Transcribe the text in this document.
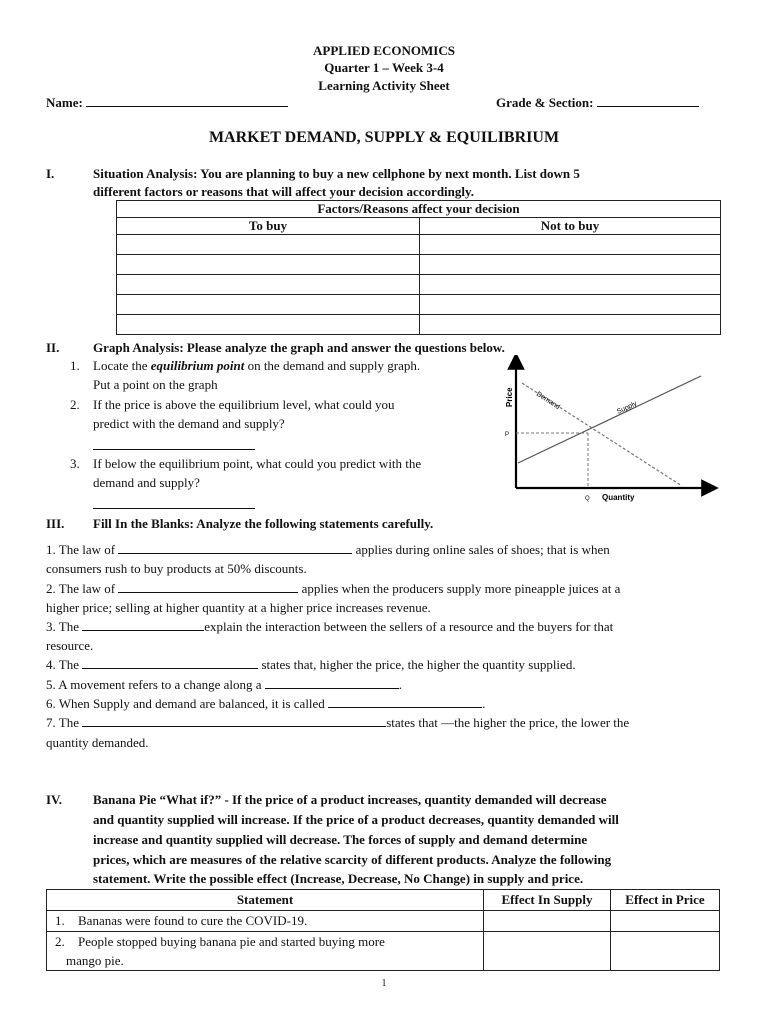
APPLIED ECONOMICS
Quarter 1 – Week 3-4
Learning Activity Sheet
Name:	Grade & Section:
MARKET DEMAND, SUPPLY & EQUILIBRIUM
I.	Situation Analysis: You are planning to buy a new cellphone by next month. List down 5
different factors or reasons that will affect your decision accordingly.
Factors/Reasons affect your decision	
To buy	Not to buy

II.	Graph Analysis: Please analyze the graph and answer the questions below.
1. Locate the equilibrium point on the demand and supply graph.
Put a point on the graph
2. If the price is above the equilibrium level, what could you
predict with the demand and supply?
3. If below the equilibrium point, what could you predict with the
demand and supply?
Price
P
Q Quantity
Demand	Supply
III. Fill In the Blanks: Analyze the following statements carefully.
1. The law of	applies during online sales of shoes; that is when
consumers rush to buy products at 50% discounts.
2. The law of	applies when the producers supply more pineapple juices at a
higher price; selling at higher quantity at a higher price increases revenue.
3. The	explain the interaction between the sellers of a resource and the buyers for that
resource.
4. The	states that, higher the price, the higher the quantity supplied.
5. A movement refers to a change along a	.
6. When Supply and demand are balanced, it is called	.
7. The	states that —the higher the price, the lower the
quantity demanded.
IV. Banana Pie “What if?” - If the price of a product increases, quantity demanded will decrease
and quantity supplied will increase. If the price of a product decreases, quantity demanded will
increase and quantity supplied will decrease. The forces of supply and demand determine
prices, which are measures of the relative scarcity of different products. Analyze the following
statement. Write the possible effect (Increase, Decrease, No Change) in supply and price.
Statement	Effect In Supply	Effect in Price

1. Bananas were found to cure the COVID-19.		

2. People stopped buying banana pie and started buying more
mango pie.		

1
